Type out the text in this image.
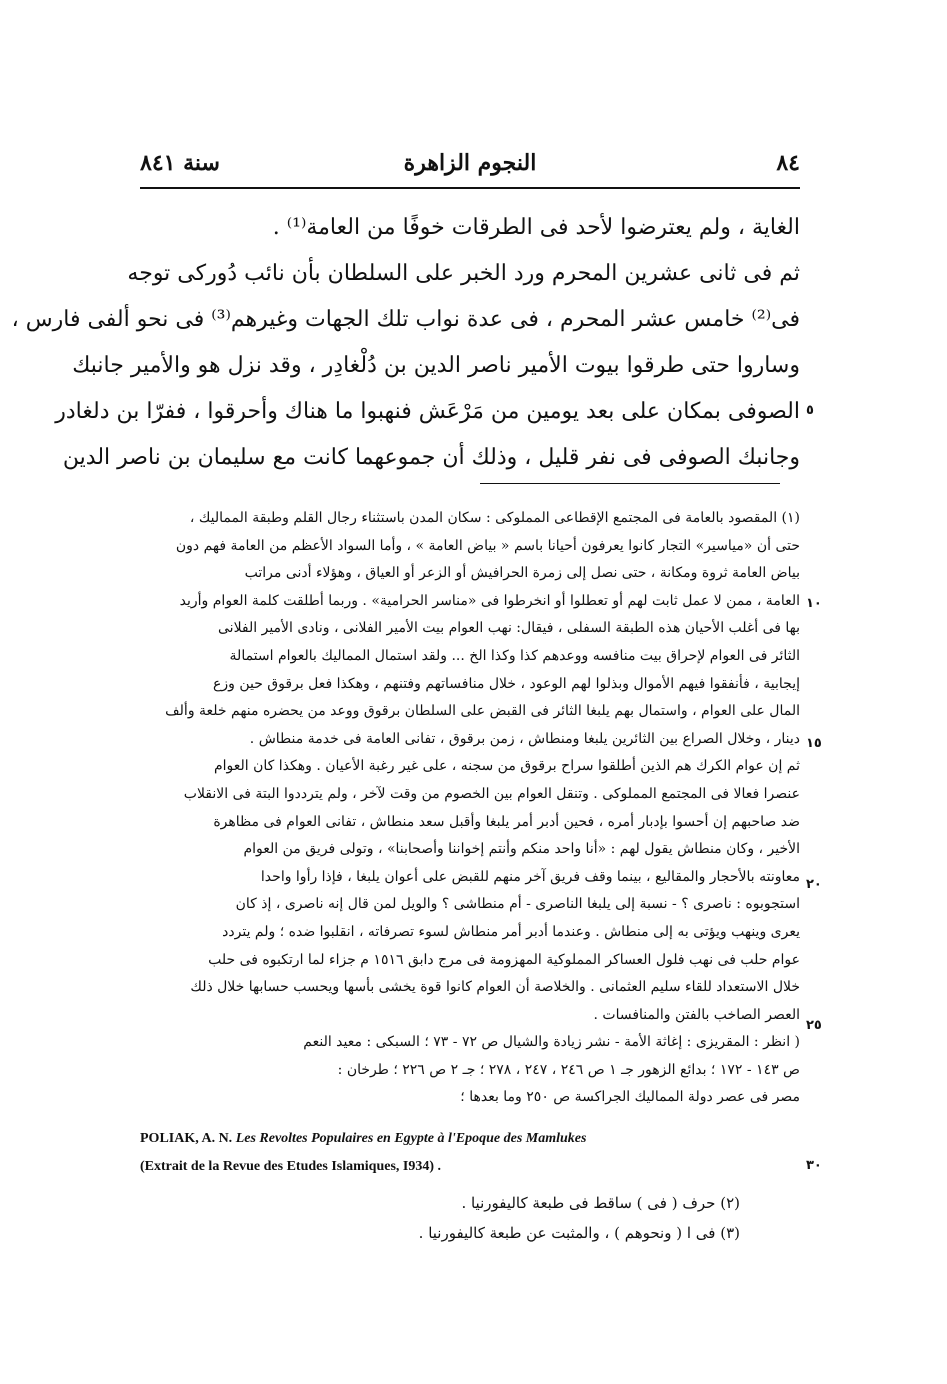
٨٤
النجوم الزاهرة
سنة ٨٤١
الغاية ، ولم يعترضوا لأحد فى الطرقات خوفًا من العامة⁽¹⁾ .
ثم فى ثانى عشرين المحرم ورد الخبر على السلطان بأن نائب دُوركى توجه
فى⁽²⁾ خامس عشر المحرم ، فى عدة نواب تلك الجهات وغيرهم⁽³⁾ فى نحو ألفى فارس ،
وساروا حتى طرقوا بيوت الأمير ناصر الدين بن دُلْغادِر ، وقد نزل هو والأمير جانبك
الصوفى بمكان على بعد يومين من مَرْعَش فنهبوا ما هناك وأحرقوا ، ففرّا بن دلغادر
وجانبك الصوفى فى نفر قليل ، وذلك أن جموعهما كانت مع سليمان بن ناصر الدين
(١) المقصود بالعامة فى المجتمع الإقطاعى المملوكى : سكان المدن باستثناء رجال القلم وطبقة المماليك ،
حتى أن «مياسير» التجار كانوا يعرفون أحيانا باسم « بياض العامة » ، وأما السواد الأعظم من العامة فهم دون
بياض العامة ثروة ومكانة ، حتى نصل إلى زمرة الحرافيش أو الزعر أو العياق ، وهؤلاء أدنى مراتب
العامة ، ممن لا عمل ثابت لهم أو تعطلوا أو انخرطوا فى «مناسر الحرامية» . وربما أطلقت كلمة العوام وأريد
بها فى أغلب الأحيان هذه الطبقة السفلى ، فيقال: نهب العوام بيت الأمير الفلانى ، ونادى الأمير الفلانى
الثائر فى العوام لإحراق بيت منافسه ووعدهم كذا وكذا الخ ... ولقد استمال المماليك بالعوام استمالة
إيجابية ، فأنفقوا فيهم الأموال وبذلوا لهم الوعود ، خلال منافساتهم وفتنهم ، وهكذا فعل برقوق حين وزع
المال على العوام ، واستمال بهم يلبغا الثائر فى القبض على السلطان برقوق ووعد من يحضره منهم خلعة وألف
دينار ، وخلال الصراع بين الثائرين يلبغا ومنطاش ، زمن برقوق ، تفانى العامة فى خدمة منطاش .
ثم إن عوام الكرك هم الذين أطلقوا سراح برقوق من سجنه ، على غير رغبة الأعيان . وهكذا كان العوام
عنصرا فعالا فى المجتمع المملوكى . وتنقل العوام بين الخصوم من وقت لآخر ، ولم يترددوا البتة فى الانقلاب
ضد صاحبهم إن أحسوا بإدبار أمره ، فحين أدبر أمر يلبغا وأقبل سعد منطاش ، تفانى العوام فى مظاهرة
الأخير ، وكان منطاش يقول لهم : «أنا واحد منكم وأنتم إخواننا وأصحابنا» ، وتولى فريق من العوام
معاونته بالأحجار والمقاليع ، بينما وقف فريق آخر منهم للقبض على أعوان يلبغا ، فإذا رأوا واحدا
استجوبوه : ناصرى ؟ - نسبة إلى يلبغا الناصرى - أم منطاشى ؟ والويل لمن قال إنه ناصرى ، إذ كان
يعرى وينهب ويؤتى به إلى منطاش . وعندما أدبر أمر منطاش لسوء تصرفاته ، انقلبوا ضده ؛ ولم يتردد
عوام حلب فى نهب فلول العساكر المملوكية المهزومة فى مرج دابق ١٥١٦ م جزاء لما ارتكبوه فى حلب
خلال الاستعداد للقاء سليم العثمانى . والخلاصة أن العوام كانوا قوة يخشى بأسها ويحسب حسابها خلال ذلك
العصر الصاخب بالفتن والمنافسات .
( انظر : المقريزى : إغاثة الأمة - نشر زيادة والشيال ص ٧٢ - ٧٣ ؛ السبكى : معيد النعم
ص ١٤٣ - ١٧٢ ؛ بدائع الزهور جـ ١ ص ٢٤٦ ، ٢٤٧ ، ٢٧٨ ؛ جـ ٢ ص ٢٢٦ ؛ طرخان :
مصر فى عصر دولة المماليك الجراكسة ص ٢٥٠ وما بعدها ؛
POLIAK, A. N. Les Revoltes Populaires en Egypte à l'Epoque des Mamlukes
(Extrait de la Revue des Etudes Islamiques, I934) .
(٢) حرف ( فى ) ساقط فى طبعة كاليفورنيا .
(٣) فى ا ( ونحوهم ) ، والمثبت عن طبعة كاليفورنيا .
٥
١٠
١٥
٢٠
٢٥
٣٠
